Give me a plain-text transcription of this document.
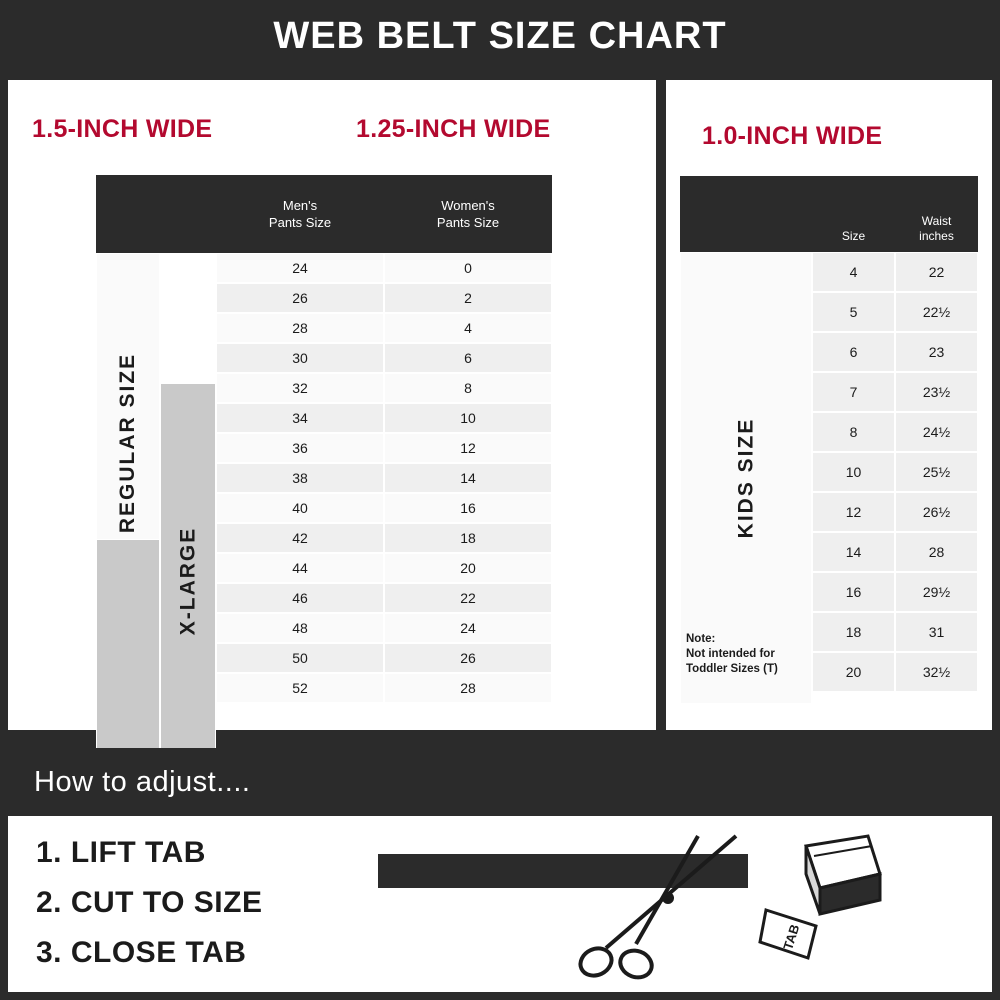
WEB BELT SIZE CHART
1.5-INCH WIDE	1.25-INCH WIDE
REGULAR SIZE
X-LARGE
Men's
Pants Size
Women's
Pants Size
24	0
26	2
28	4
30	6
32	8
34	10
36	12
38	14
40	16
42	18
44	20
46	22
48	24
50	26
52	28
1.0-INCH WIDE
KIDS SIZE
Note:
Not intended for
Toddler Sizes (T)
Size
Waist
inches
4	22
5	22½
6	23
7	23½
8	24½
10	25½
12	26½
14	28
16	29½
18	31
20	32½
How to adjust....
1. LIFT TAB
2. CUT TO SIZE
3. CLOSE TAB	TAB
